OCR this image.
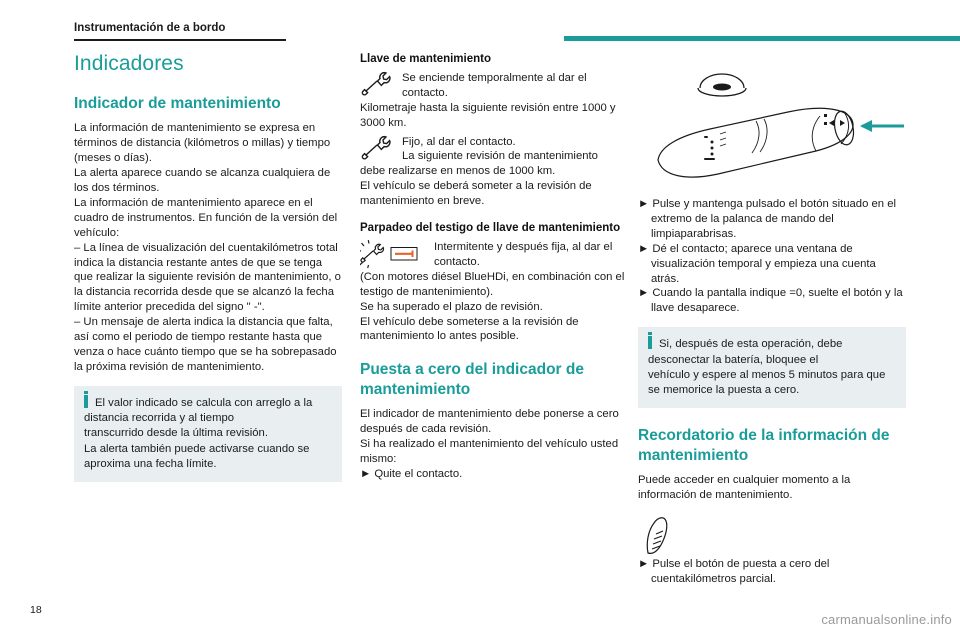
Instrumentación de a bordo
Indicadores
Indicador de mantenimiento

La información de mantenimiento se expresa en términos de distancia (kilómetros o millas) y tiempo (meses o días).

La alerta aparece cuando se alcanza cualquiera de los dos términos.

La información de mantenimiento aparece en el cuadro de instrumentos. En función de la versión del vehículo:

– La línea de visualización del cuentakilómetros total indica la distancia restante antes de que se tenga que realizar la siguiente revisión de mantenimiento, o la distancia recorrida desde que se alcanzó la fecha límite anterior precedida del signo " -".

– Un mensaje de alerta indica la distancia que falta, así como el periodo de tiempo restante hasta que venza o hace cuánto tiempo que se ha sobrepasado la próxima revisión de mantenimiento.

El valor indicado se calcula con arreglo a la distancia recorrida y al tiempo
transcurrido desde la última revisión.
La alerta también puede activarse cuando se aproxima una fecha límite.
Llave de mantenimiento
Se enciende temporalmente al dar el contacto.

Kilometraje hasta la siguiente revisión entre 1000 y 3000 km.

Fijo, al dar el contacto.
La siguiente revisión de mantenimiento

debe realizarse en menos de 1000 km.

El vehículo se deberá someter a la revisión de mantenimiento en breve.

Parpadeo del testigo de llave de mantenimiento
Intermitente y después fija, al dar el contacto.

(Con motores diésel BlueHDi, en combinación con el testigo de mantenimiento).

Se ha superado el plazo de revisión.

El vehículo debe someterse a la revisión de mantenimiento lo antes posible.

Puesta a cero del indicador de mantenimiento

El indicador de mantenimiento debe ponerse a cero después de cada revisión.

Si ha realizado el mantenimiento del vehículo usted mismo:

► Quite el contacto.

► Pulse y mantenga pulsado el botón situado en el extremo de la palanca de mando del limpiaparabrisas.

► Dé el contacto; aparece una ventana de visualización temporal y empieza una cuenta atrás.

► Cuando la pantalla indique =0, suelte el botón y la llave desaparece.

Si, después de esta operación, debe desconectar la batería, bloquee el
vehículo y espere al menos 5 minutos para que se memorice la puesta a cero.
Recordatorio de la información de mantenimiento

Puede acceder en cualquier momento a la información de mantenimiento.

► Pulse el botón de puesta a cero del cuentakilómetros parcial.

18
carmanualsonline.info
